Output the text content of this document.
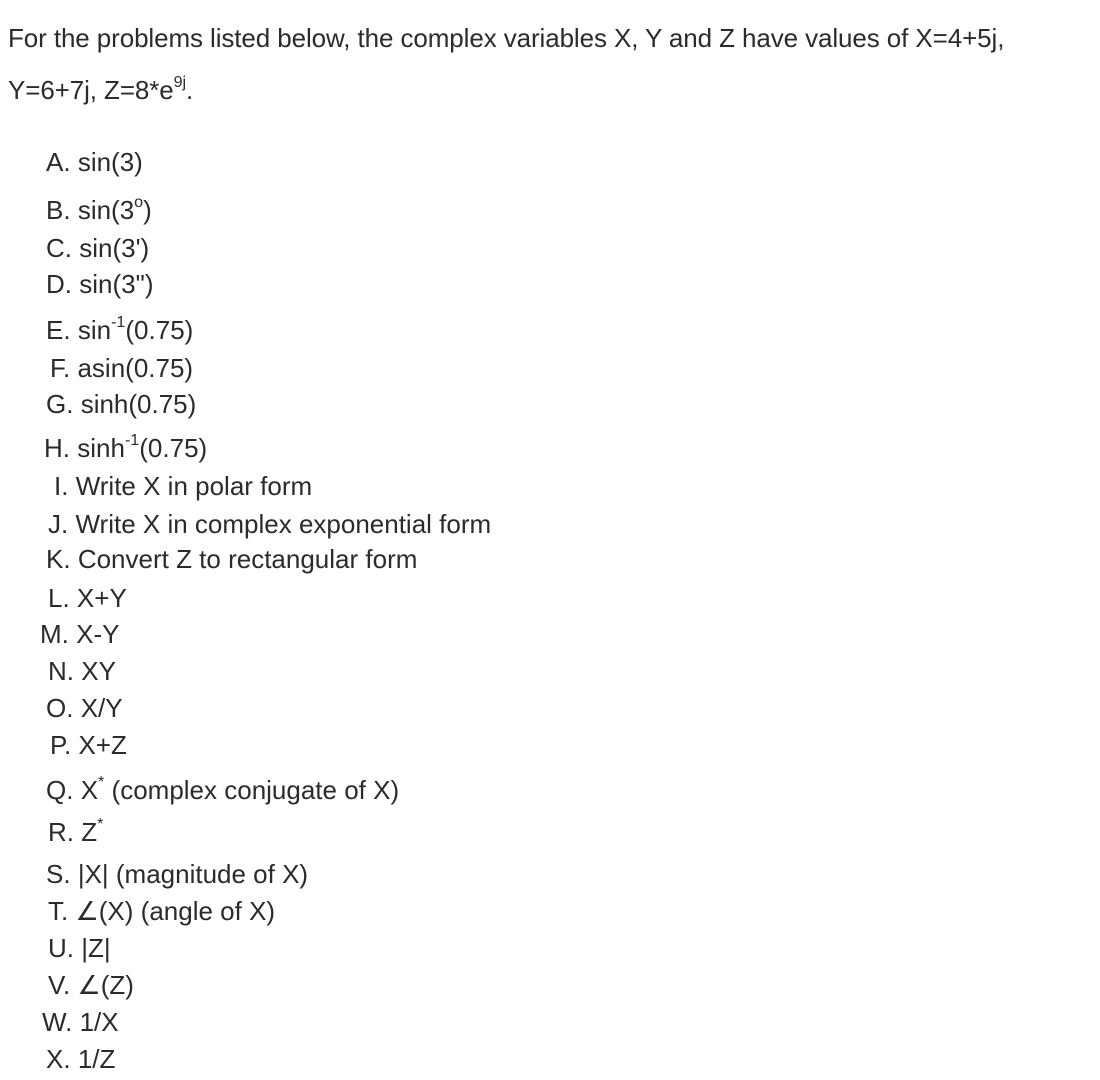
For the problems listed below, the complex variables X, Y and Z have values of X=4+5j,
Y=6+7j, $Z=8*e^{9j}$.

A. sin(3)
B. sin(3$^o$)
C. sin(3')
D. sin(3")
E. $\sin^{-1}(0.75)$
F. asin(0.75)
G. sinh(0.75)
H. $\sinh^{-1}(0.75)$
I. Write X in polar form
J. Write X in complex exponential form
K. Convert Z to rectangular form
L. X+Y
M. X-Y
N. XY
O. X/Y
P. X+Z
Q. X* (complex conjugate of X)
R. Z*
S. |X| (magnitude of X)
T. ∠(X) (angle of X)
U. |Z|
V. ∠(Z)
W. 1/X
X. 1/Z
